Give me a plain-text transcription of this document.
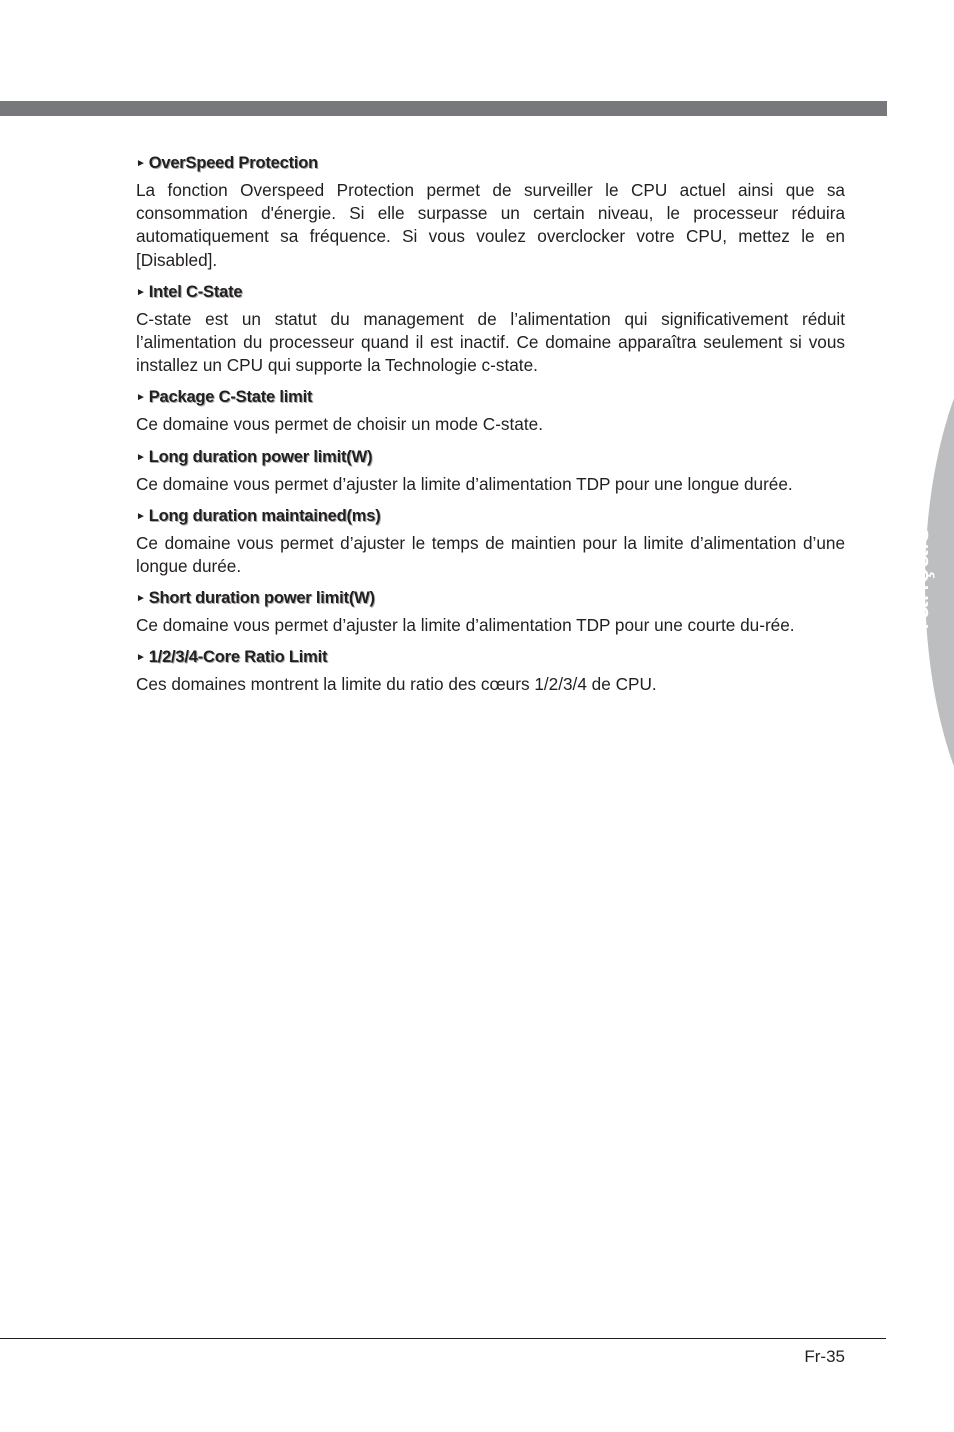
Français
► OverSpeed Protection
La fonction Overspeed Protection permet de surveiller le CPU actuel ainsi que sa consommation d'énergie. Si elle surpasse un certain niveau, le processeur réduira automatiquement sa fréquence. Si vous voulez overclocker votre CPU, mettez le en [Disabled].
► Intel C-State
C-state est un statut du management de l’alimentation qui significativement réduit l’alimentation du processeur quand il est inactif. Ce domaine apparaîtra seulement si vous installez un CPU qui supporte la Technologie c-state.
► Package C-State limit
Ce domaine vous permet de choisir un mode C-state.
► Long duration power limit(W)
Ce domaine vous permet d’ajuster la limite d’alimentation TDP pour une longue durée.
► Long duration maintained(ms)
Ce domaine vous permet d’ajuster le temps de maintien pour la limite d’alimentation d’une longue durée.
► Short duration power limit(W)
Ce domaine vous permet d’ajuster la limite d’alimentation TDP pour une courte du-rée.
► 1/2/3/4-Core Ratio Limit
Ces domaines montrent la limite du ratio des cœurs 1/2/3/4 de CPU.
Fr-35
